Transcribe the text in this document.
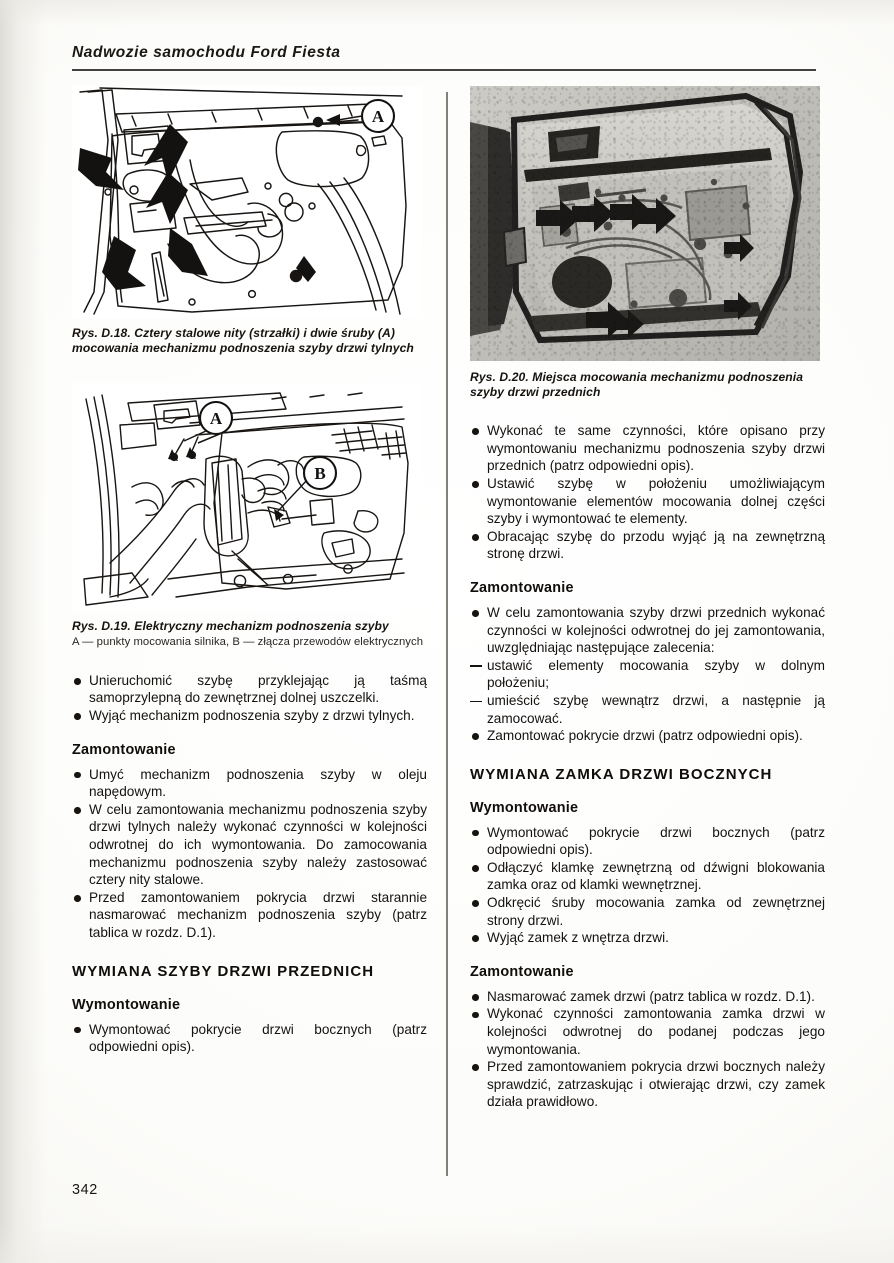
Nadwozie samochodu Ford Fiesta
A
Rys. D.18. Cztery stalowe nity (strzałki) i dwie śruby (A) mocowania mechanizmu podnoszenia szyby drzwi tylnych
A
B
Rys. D.19. Elektryczny mechanizm podnoszenia szyby
A — punkty mocowania silnika, B — złącza przewodów elektrycznych

Unieruchomić szybę przyklejając ją taśmą samoprzylepną do zewnętrznej dolnej uszczelki.

Wyjąć mechanizm podnoszenia szyby z drzwi tylnych.

Zamontowanie

Umyć mechanizm podnoszenia szyby w oleju napędowym.

W celu zamontowania mechanizmu podnoszenia szyby drzwi tylnych należy wykonać czynności w kolejności odwrotnej do ich wymontowania. Do zamocowania mechanizmu podnoszenia szyby należy zastosować cztery nity stalowe.

Przed zamontowaniem pokrycia drzwi starannie nasmarować mechanizm podnoszenia szyby (patrz tablica w rozdz. D.1).

WYMIANA SZYBY DRZWI PRZEDNICH
Wymontowanie

Wymontować pokrycie drzwi bocznych (patrz odpowiedni opis).

Rys. D.20. Miejsca mocowania mechanizmu podnoszenia szyby drzwi przednich

Wykonać te same czynności, które opisano przy wymontowaniu mechanizmu podnoszenia szyby drzwi przednich (patrz odpowiedni opis).

Ustawić szybę w położeniu umożliwiającym wymontowanie elementów mocowania dolnej części szyby i wymontować te elementy.

Obracając szybę do przodu wyjąć ją na zewnętrzną stronę drzwi.

Zamontowanie

W celu zamontowania szyby drzwi przednich wykonać czynności w kolejności odwrotnej do jej zamontowania, uwzględniając następujące zalecenia:

ustawić elementy mocowania szyby w dolnym położeniu;

umieścić szybę wewnątrz drzwi, a następnie ją zamocować.

Zamontować pokrycie drzwi (patrz odpowiedni opis).

WYMIANA ZAMKA DRZWI BOCZNYCH
Wymontowanie

Wymontować pokrycie drzwi bocznych (patrz odpowiedni opis).

Odłączyć klamkę zewnętrzną od dźwigni blokowania zamka oraz od klamki wewnętrznej.

Odkręcić śruby mocowania zamka od zewnętrznej strony drzwi.

Wyjąć zamek z wnętrza drzwi.

Zamontowanie

Nasmarować zamek drzwi (patrz tablica w rozdz. D.1).

Wykonać czynności zamontowania zamka drzwi w kolejności odwrotnej do podanej podczas jego wymontowania.

Przed zamontowaniem pokrycia drzwi bocznych należy sprawdzić, zatrzaskując i otwierając drzwi, czy zamek działa prawidłowo.

342
